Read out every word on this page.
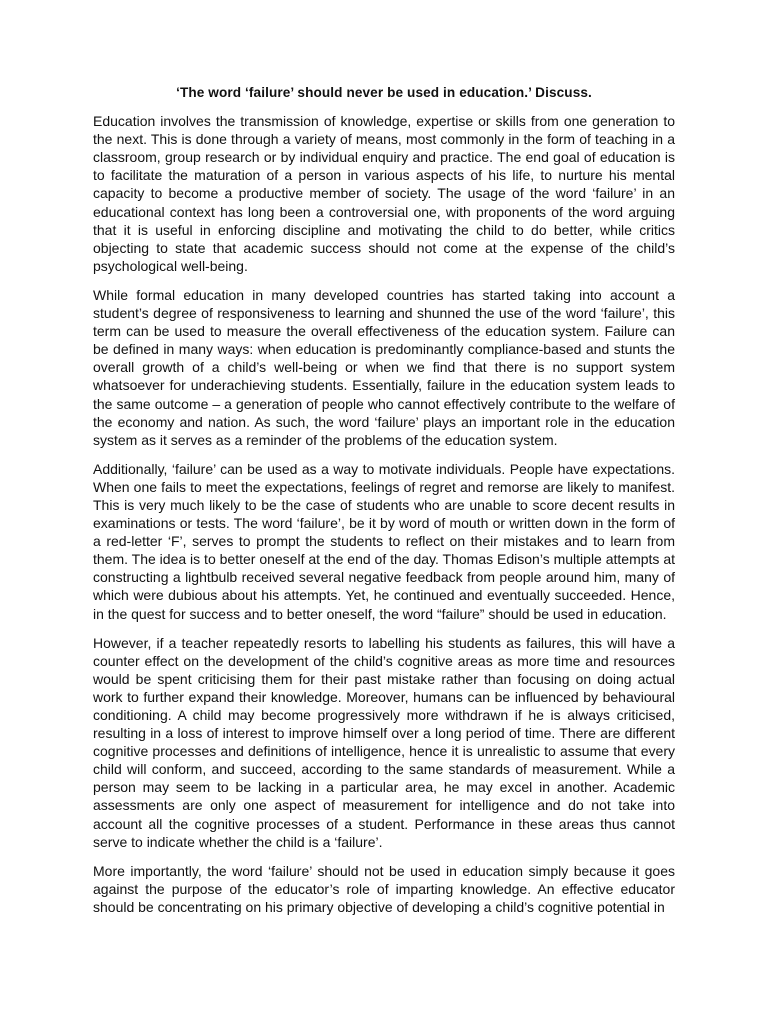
‘The word ‘failure’ should never be used in education.’ Discuss.

Education involves the transmission of knowledge, expertise or skills from one generation to the next. This is done through a variety of means, most commonly in the form of teaching in a classroom, group research or by individual enquiry and practice. The end goal of education is to facilitate the maturation of a person in various aspects of his life, to nurture his mental capacity to become a productive member of society. The usage of the word ‘failure’ in an educational context has long been a controversial one, with proponents of the word arguing that it is useful in enforcing discipline and motivating the child to do better, while critics objecting to state that academic success should not come at the expense of the child’s psychological well-being.

While formal education in many developed countries has started taking into account a student’s degree of responsiveness to learning and shunned the use of the word ‘failure’, this term can be used to measure the overall effectiveness of the education system. Failure can be defined in many ways: when education is predominantly compliance-based and stunts the overall growth of a child’s well-being or when we find that there is no support system whatsoever for underachieving students. Essentially, failure in the education system leads to the same outcome – a generation of people who cannot effectively contribute to the welfare of the economy and nation. As such, the word ‘failure’ plays an important role in the education system as it serves as a reminder of the problems of the education system.

Additionally, ‘failure’ can be used as a way to motivate individuals. People have expectations. When one fails to meet the expectations, feelings of regret and remorse are likely to manifest. This is very much likely to be the case of students who are unable to score decent results in examinations or tests. The word ‘failure’, be it by word of mouth or written down in the form of a red-letter ‘F’, serves to prompt the students to reflect on their mistakes and to learn from them. The idea is to better oneself at the end of the day. Thomas Edison’s multiple attempts at constructing a lightbulb received several negative feedback from people around him, many of which were dubious about his attempts. Yet, he continued and eventually succeeded. Hence, in the quest for success and to better oneself, the word “failure” should be used in education.

However, if a teacher repeatedly resorts to labelling his students as failures, this will have a counter effect on the development of the child’s cognitive areas as more time and resources would be spent criticising them for their past mistake rather than focusing on doing actual work to further expand their knowledge. Moreover, humans can be influenced by behavioural conditioning. A child may become progressively more withdrawn if he is always criticised, resulting in a loss of interest to improve himself over a long period of time. There are different cognitive processes and definitions of intelligence, hence it is unrealistic to assume that every child will conform, and succeed, according to the same standards of measurement. While a person may seem to be lacking in a particular area, he may excel in another. Academic assessments are only one aspect of measurement for intelligence and do not take into account all the cognitive processes of a student. Performance in these areas thus cannot serve to indicate whether the child is a ‘failure’.

More importantly, the word ‘failure’ should not be used in education simply because it goes against the purpose of the educator’s role of imparting knowledge. An effective educator should be concentrating on his primary objective of developing a child’s cognitive potential in
